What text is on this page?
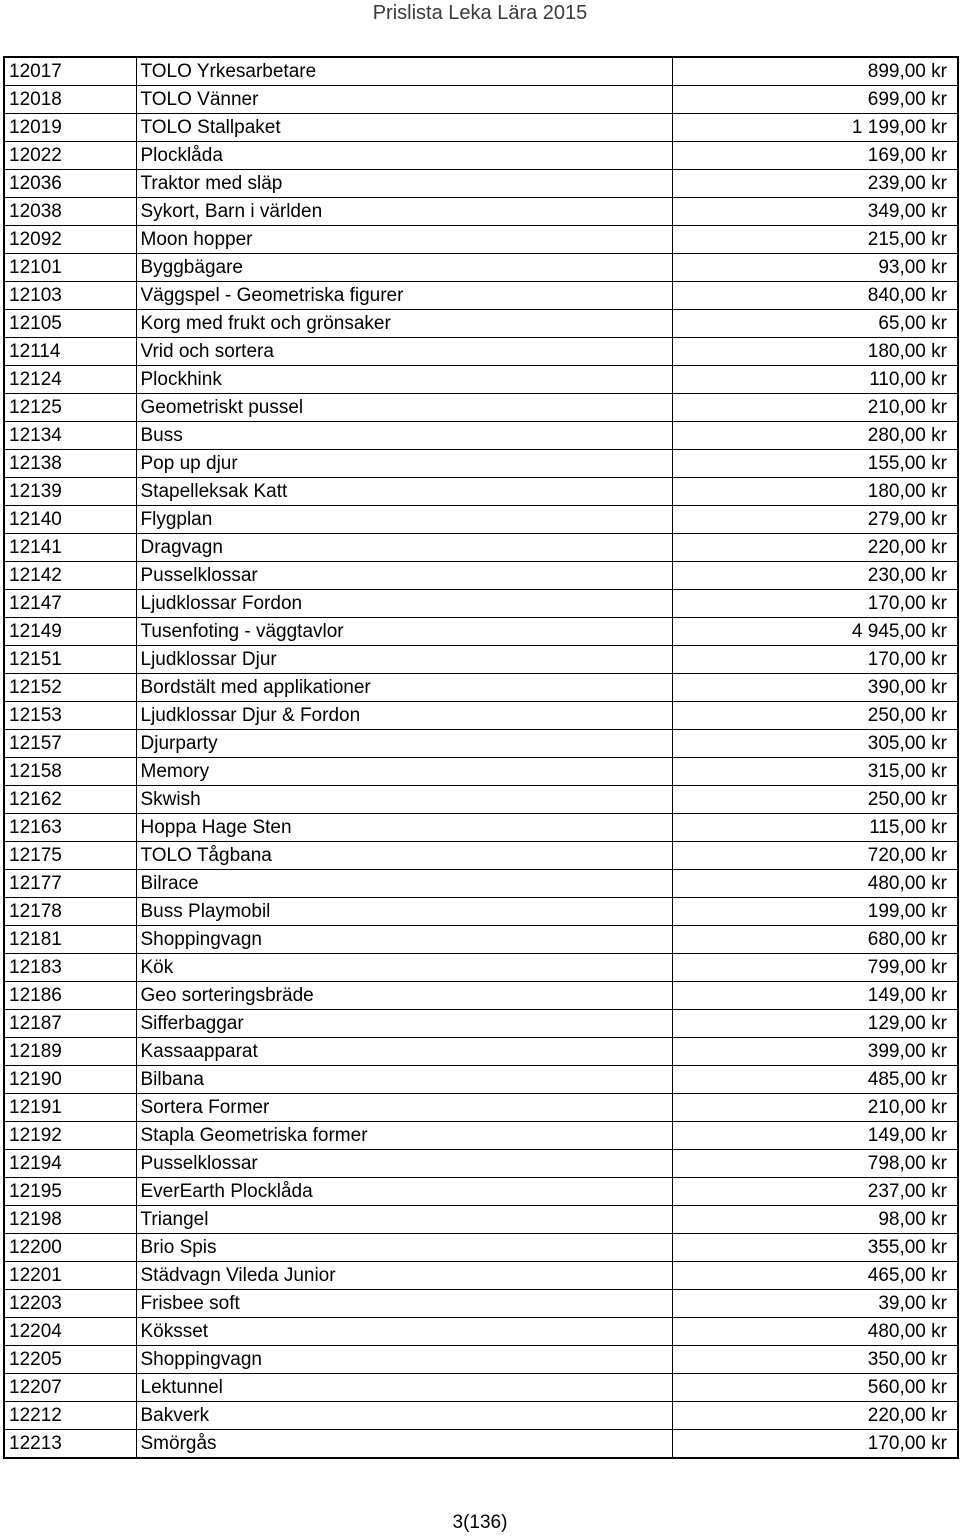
Prislista Leka Lära 2015
12017	TOLO Yrkesarbetare	899,00 kr
12018	TOLO Vänner	699,00 kr
12019	TOLO Stallpaket	1 199,00 kr
12022	Plocklåda	169,00 kr
12036	Traktor med släp	239,00 kr
12038	Sykort, Barn i världen	349,00 kr
12092	Moon hopper	215,00 kr
12101	Byggbägare	93,00 kr
12103	Väggspel - Geometriska figurer	840,00 kr
12105	Korg med frukt och grönsaker	65,00 kr
12114	Vrid och sortera	180,00 kr
12124	Plockhink	110,00 kr
12125	Geometriskt pussel	210,00 kr
12134	Buss	280,00 kr
12138	Pop up djur	155,00 kr
12139	Stapelleksak Katt	180,00 kr
12140	Flygplan	279,00 kr
12141	Dragvagn	220,00 kr
12142	Pusselklossar	230,00 kr
12147	Ljudklossar Fordon	170,00 kr
12149	Tusenfoting - väggtavlor	4 945,00 kr
12151	Ljudklossar Djur	170,00 kr
12152	Bordstält med applikationer	390,00 kr
12153	Ljudklossar Djur & Fordon	250,00 kr
12157	Djurparty	305,00 kr
12158	Memory	315,00 kr
12162	Skwish	250,00 kr
12163	Hoppa Hage Sten	115,00 kr
12175	TOLO Tågbana	720,00 kr
12177	Bilrace	480,00 kr
12178	Buss Playmobil	199,00 kr
12181	Shoppingvagn	680,00 kr
12183	Kök	799,00 kr
12186	Geo sorteringsbräde	149,00 kr
12187	Sifferbaggar	129,00 kr
12189	Kassaapparat	399,00 kr
12190	Bilbana	485,00 kr
12191	Sortera Former	210,00 kr
12192	Stapla Geometriska former	149,00 kr
12194	Pusselklossar	798,00 kr
12195	EverEarth Plocklåda	237,00 kr
12198	Triangel	98,00 kr
12200	Brio Spis	355,00 kr
12201	Städvagn Vileda Junior	465,00 kr
12203	Frisbee soft	39,00 kr
12204	Köksset	480,00 kr
12205	Shoppingvagn	350,00 kr
12207	Lektunnel	560,00 kr
12212	Bakverk	220,00 kr
12213	Smörgås	170,00 kr
3(136)
